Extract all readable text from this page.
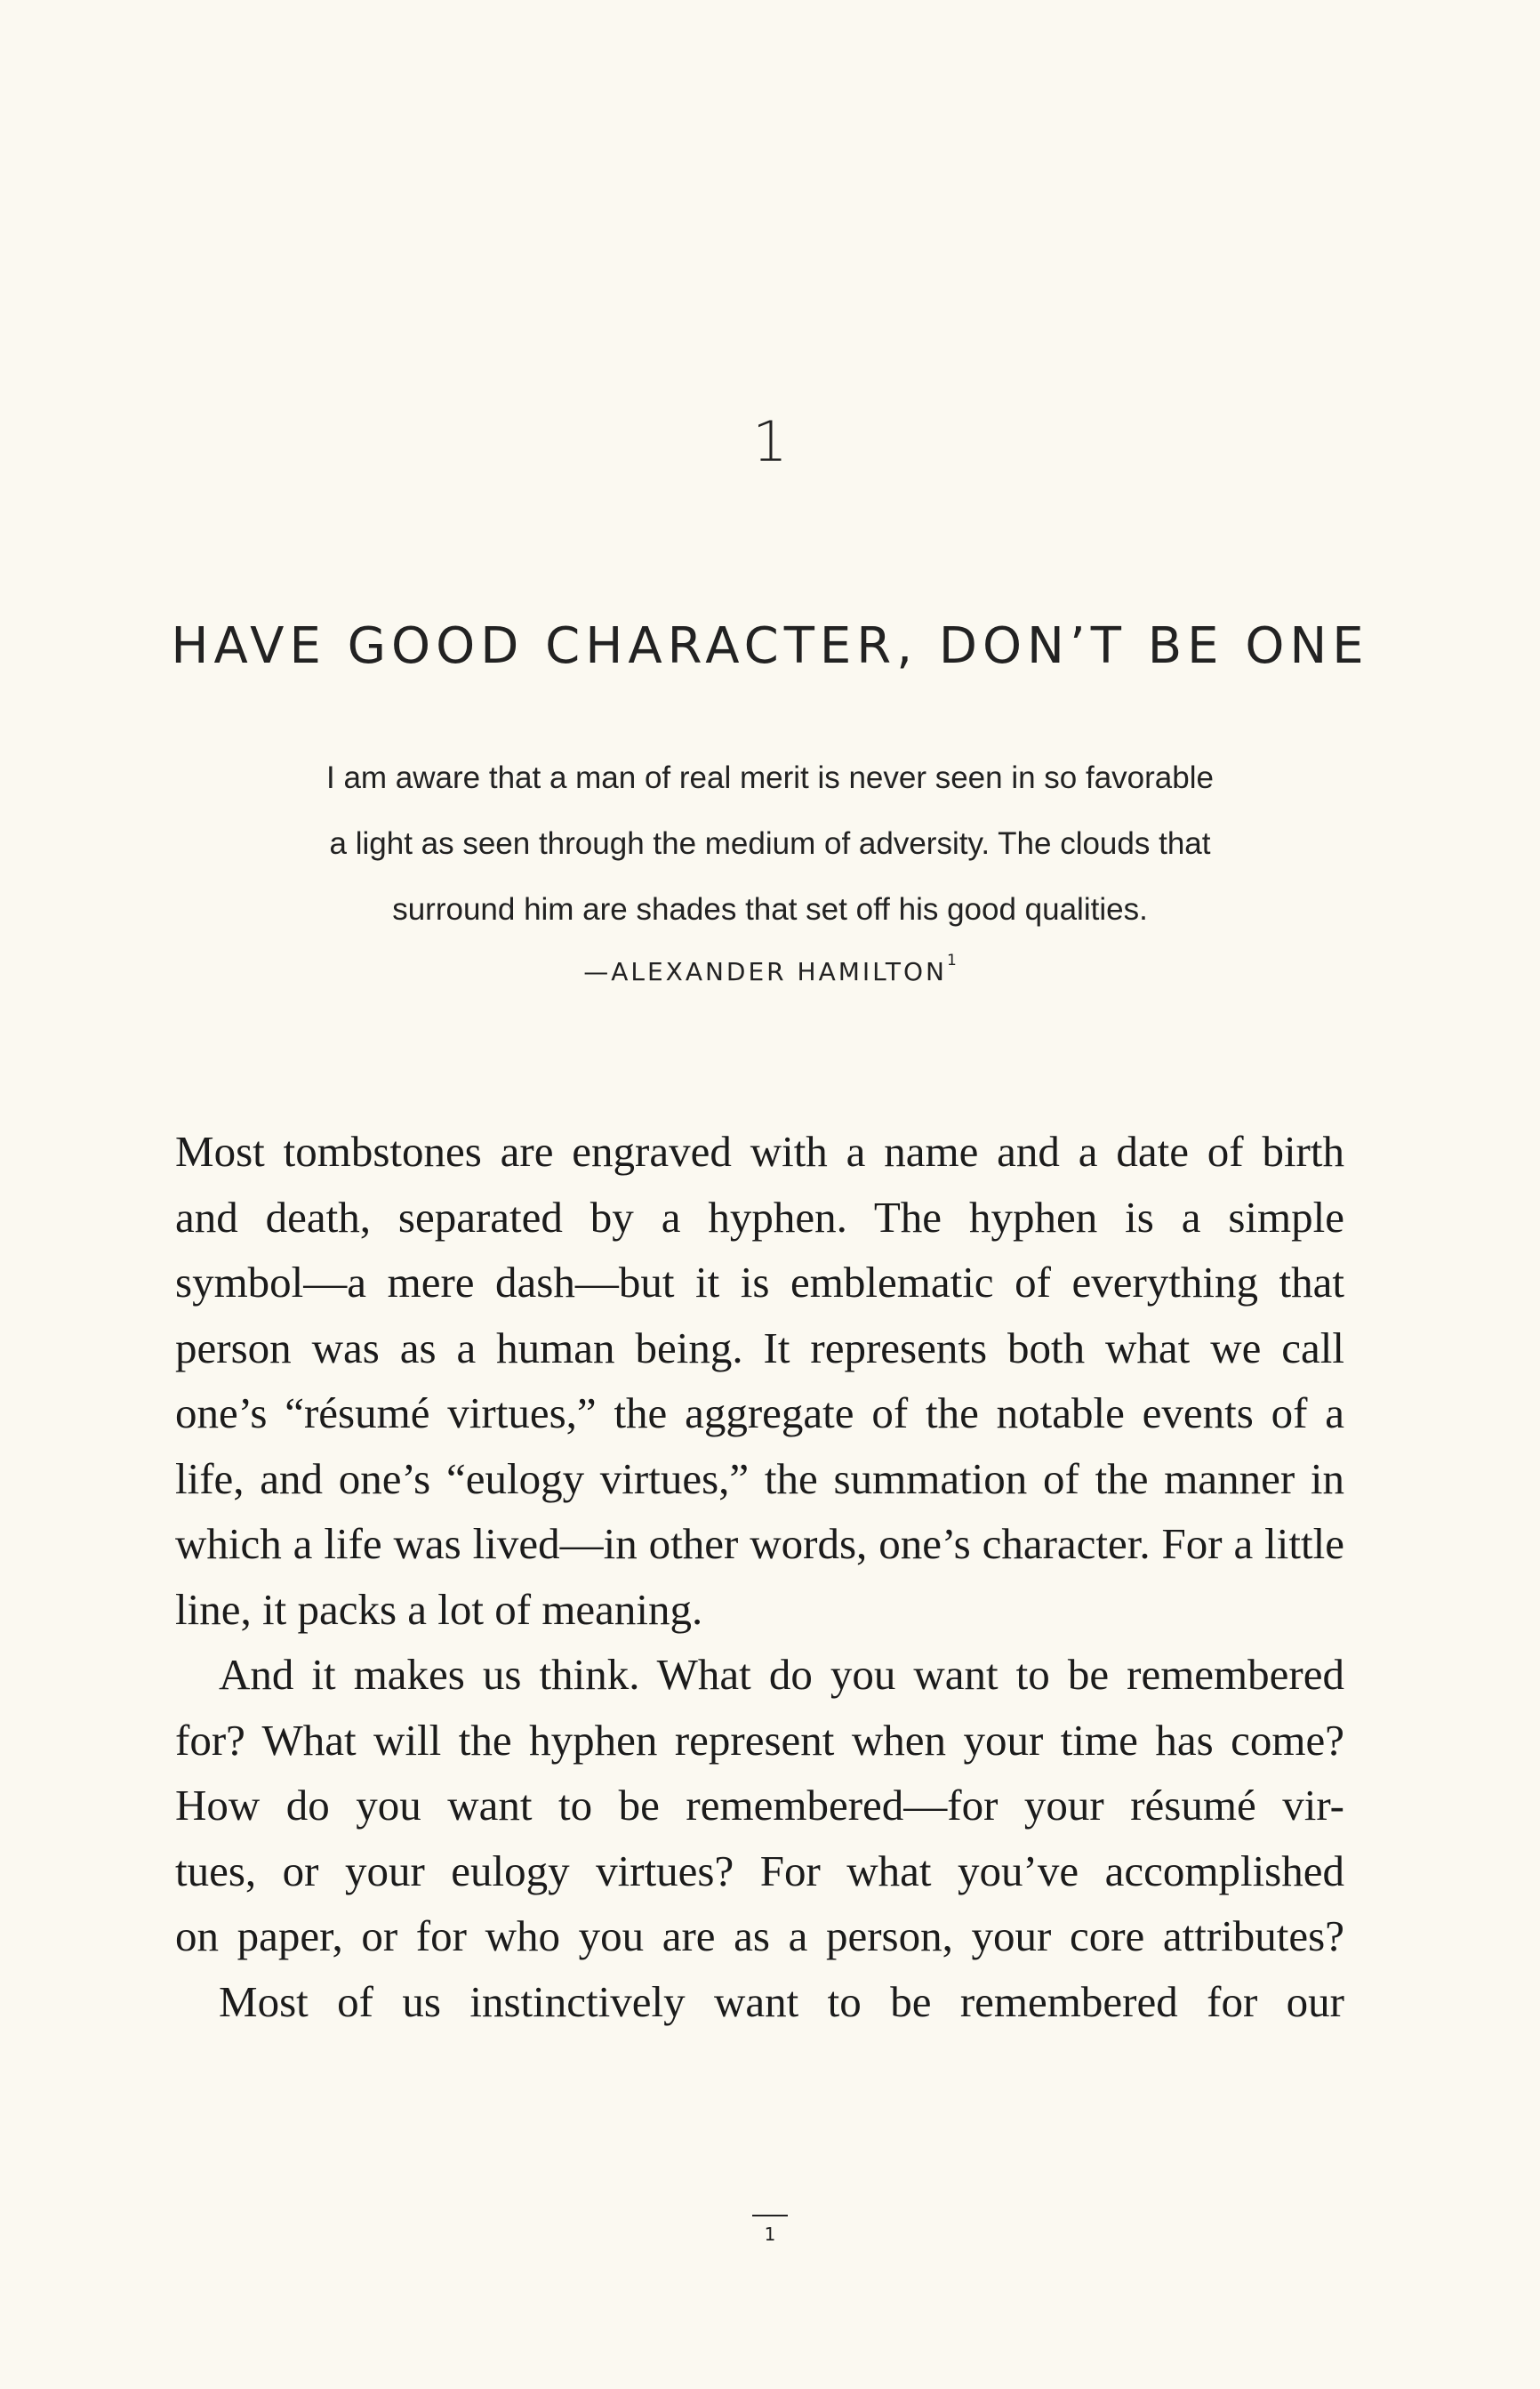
1
HAVE GOOD CHARACTER, DON’T BE ONE
I am aware that a man of real merit is never seen in so favorable
a light as seen through the medium of adversity. The clouds that
surround him are shades that set off his good qualities.
—ALEXANDER HAMILTON$^1$
Most tombstones are engraved with a name and a date of birth
and death, separated by a hyphen. The hyphen is a simple
symbol—a mere dash—but it is emblematic of everything that
person was as a human being. It represents both what we call
one’s “résumé virtues,” the aggregate of the notable events of a
life, and one’s “eulogy virtues,” the summation of the manner in
which a life was lived—in other words, one’s character. For a little
line, it packs a lot of meaning.
And it makes us think. What do you want to be remembered
for? What will the hyphen represent when your time has come?
How do you want to be remembered—for your résumé vir-
tues, or your eulogy virtues? For what you’ve accomplished
on paper, or for who you are as a person, your core attributes?
Most of us instinctively want to be remembered for our
1
